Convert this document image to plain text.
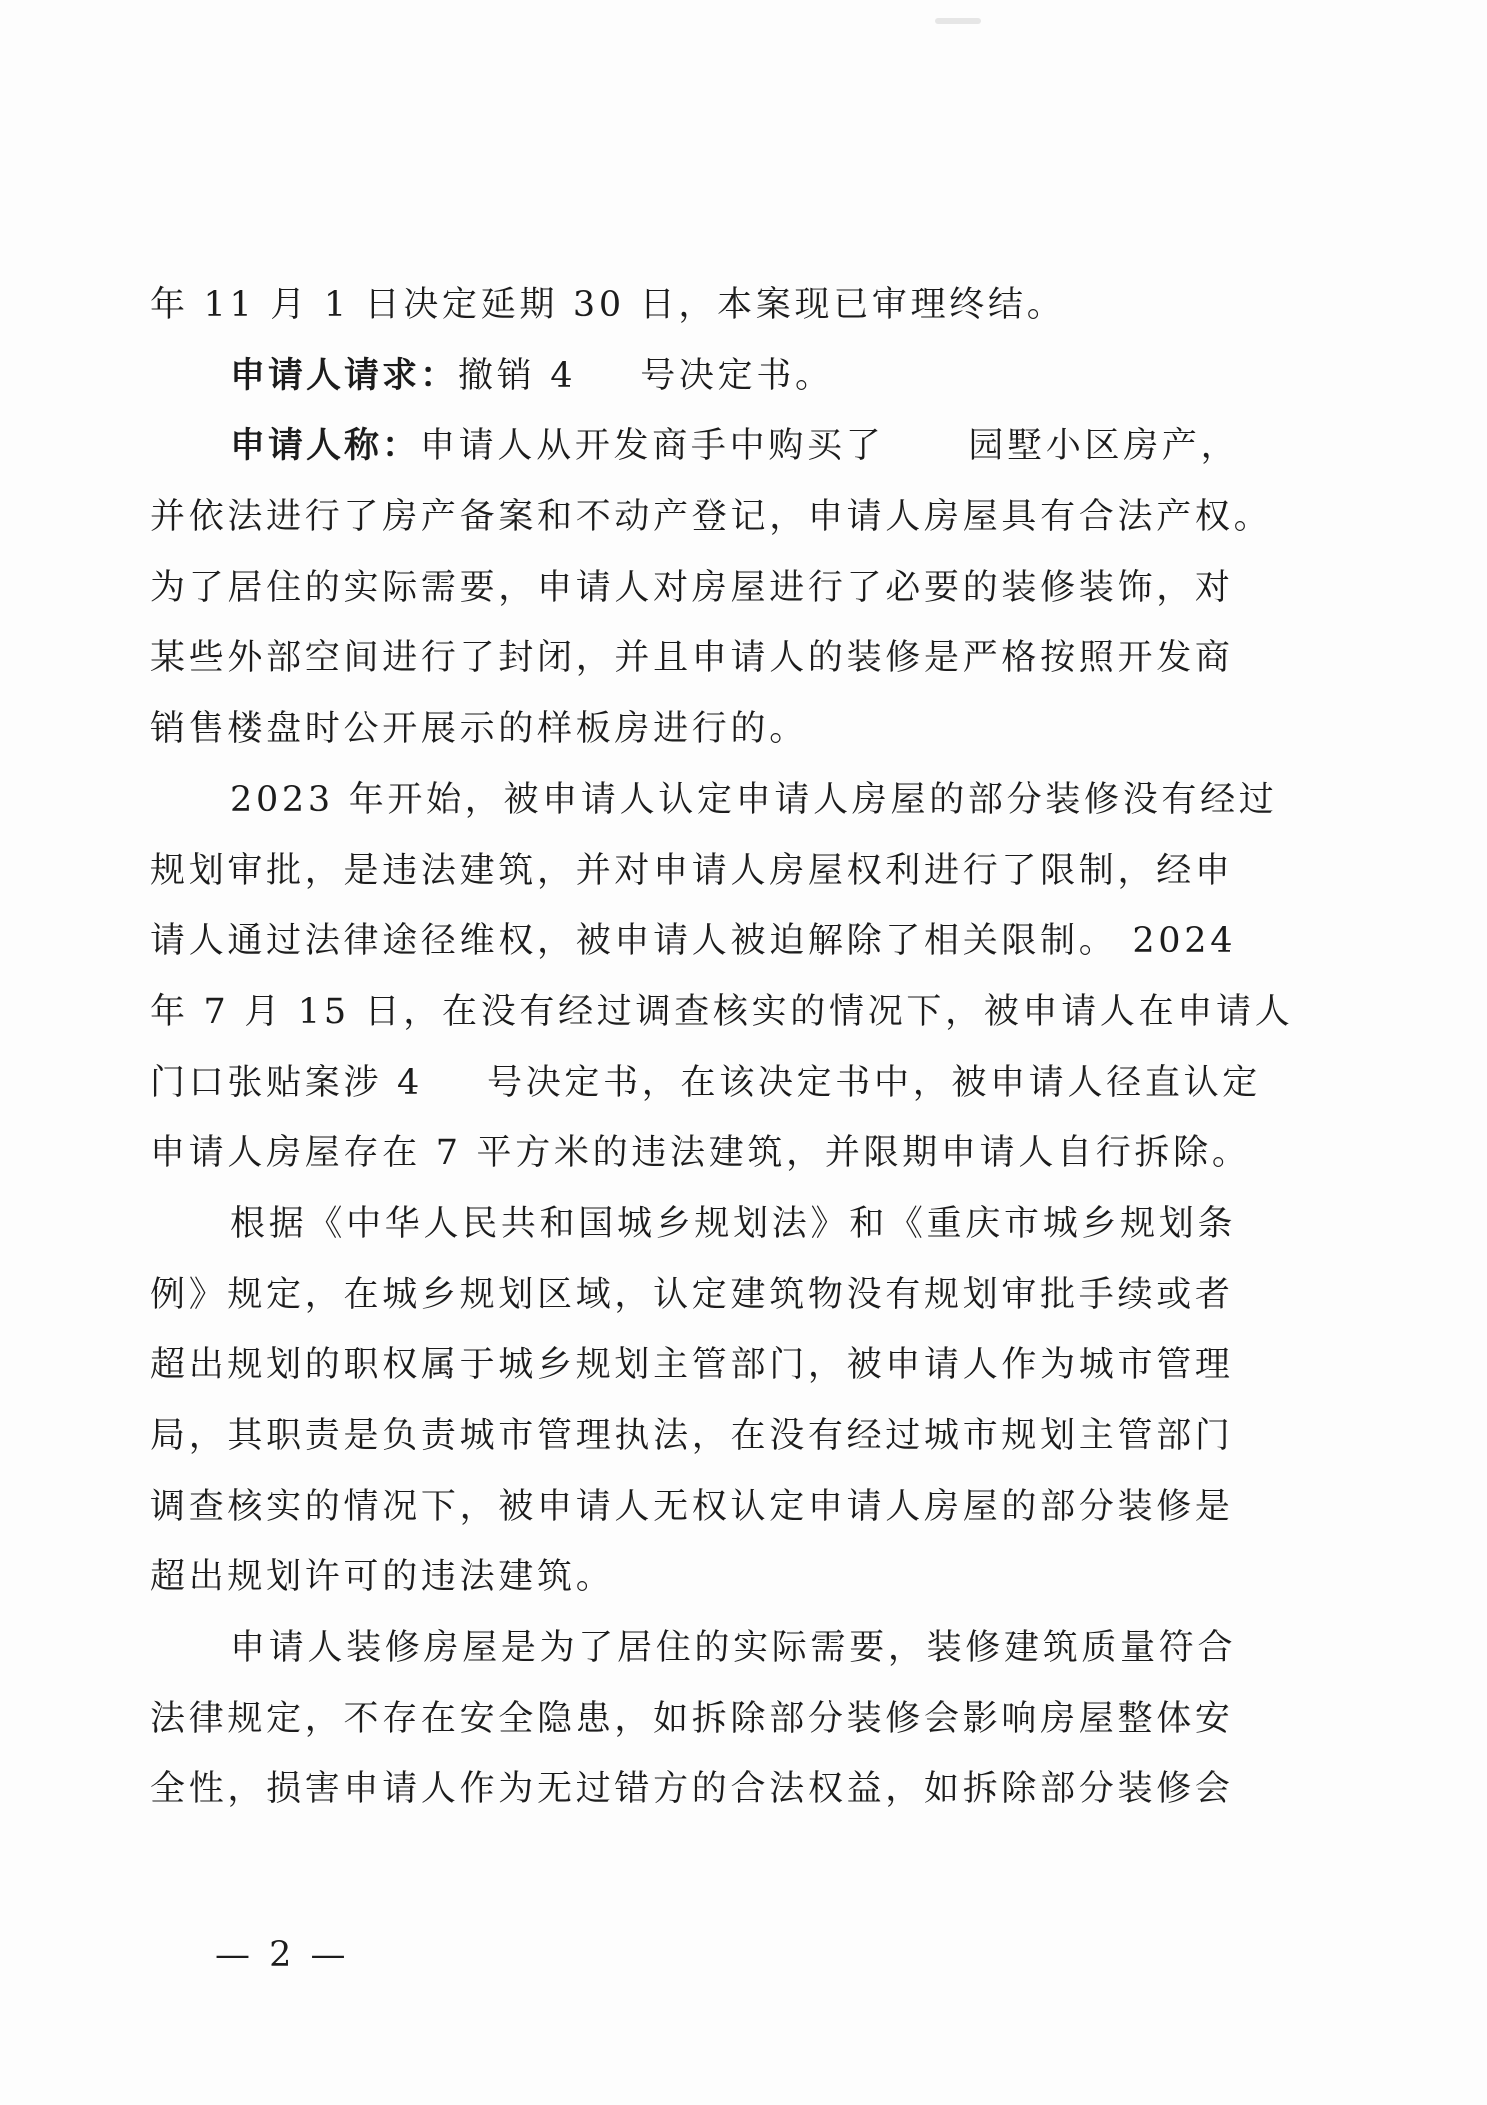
年 11 月 1 日决定延期 30 日，本案现已审理终结。
申请人请求：撤销 4 号决定书。
申请人称：申请人从开发商手中购买了 园墅小区房产，
并依法进行了房产备案和不动产登记，申请人房屋具有合法产权。
为了居住的实际需要，申请人对房屋进行了必要的装修装饰，对
某些外部空间进行了封闭，并且申请人的装修是严格按照开发商
销售楼盘时公开展示的样板房进行的。
2023 年开始，被申请人认定申请人房屋的部分装修没有经过
规划审批，是违法建筑，并对申请人房屋权利进行了限制，经申
请人通过法律途径维权，被申请人被迫解除了相关限制。 2024
年 7 月 15 日，在没有经过调查核实的情况下，被申请人在申请人
门口张贴案涉 4 号决定书，在该决定书中，被申请人径直认定
申请人房屋存在 7 平方米的违法建筑，并限期申请人自行拆除。
根据《中华人民共和国城乡规划法》和《重庆市城乡规划条
例》规定，在城乡规划区域，认定建筑物没有规划审批手续或者
超出规划的职权属于城乡规划主管部门，被申请人作为城市管理
局，其职责是负责城市管理执法，在没有经过城市规划主管部门
调查核实的情况下，被申请人无权认定申请人房屋的部分装修是
超出规划许可的违法建筑。
申请人装修房屋是为了居住的实际需要，装修建筑质量符合
法律规定，不存在安全隐患，如拆除部分装修会影响房屋整体安
全性，损害申请人作为无过错方的合法权益，如拆除部分装修会
— 2 —
